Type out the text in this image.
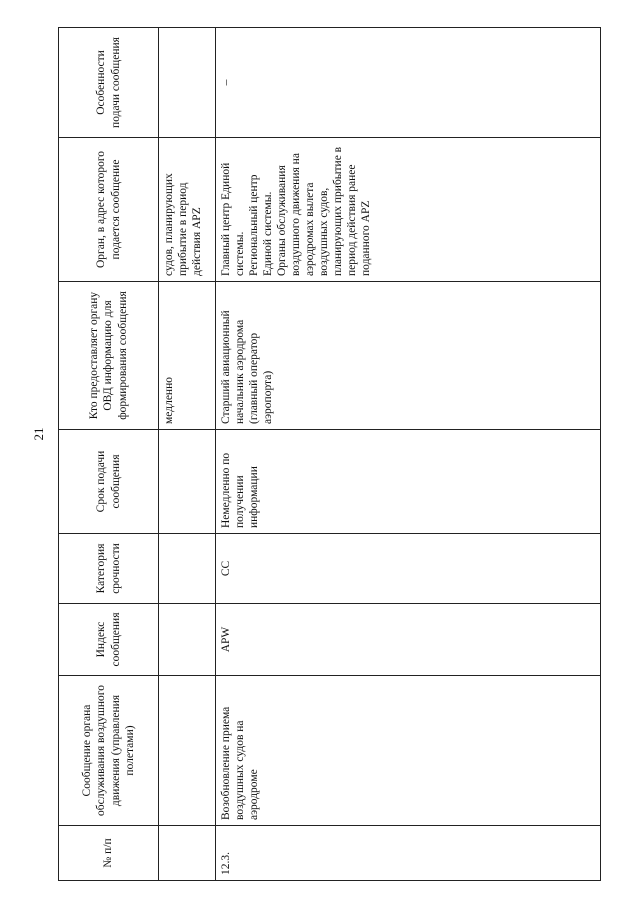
21
№ п/п	Сообщение органа обслуживания воздушного движения (управления полетами)	Индекс сообщения	Категория срочности	Срок подачи сообщения	Кто предоставляет органу ОВД информацию для формирования сообщения	Орган, в адрес которого подается сообщение	Особенности подачи сообщения
					медленно	судов, планирующих прибытие в период действия APZ	
12.3.	Возобновление приема воздушных судов на аэродроме	APW	СС	Немедленно по получении информации	Старший авиационный начальник аэродрома (главный оператор аэропорта)	Главный центр Единой системы. Региональный центр Единой системы. Органы обслуживания воздушного движения на аэродромах вылета воздушных судов, планирующих прибытие в период действия ранее поданного APZ	–
